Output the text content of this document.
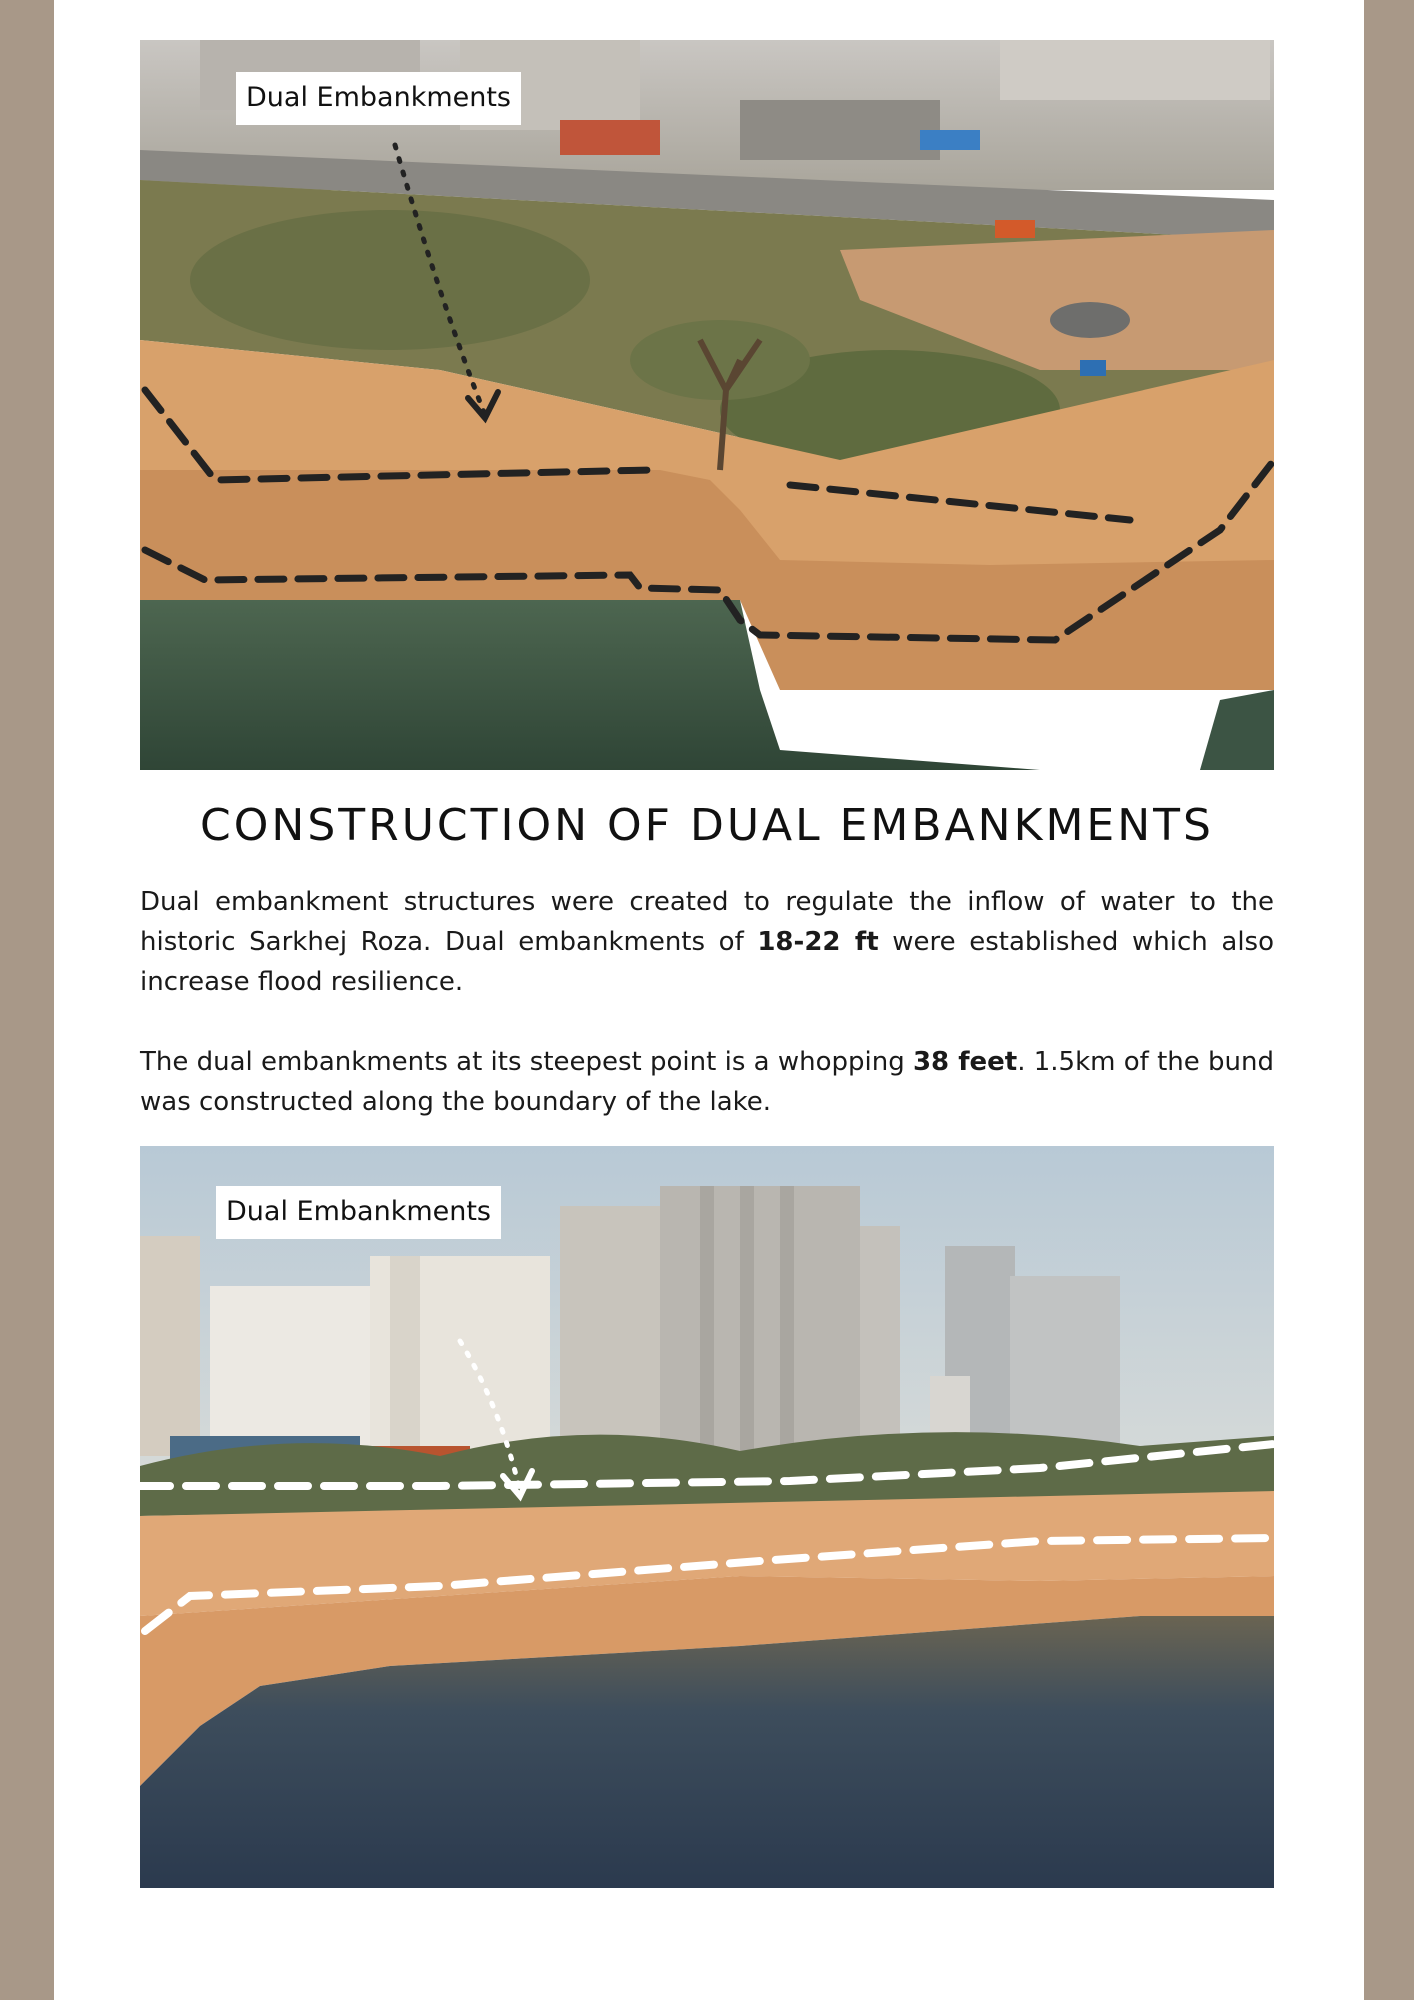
Dual Embankments
CONSTRUCTION OF DUAL EMBANKMENTS

Dual embankment structures were created to regulate the inflow of water to the historic Sarkhej Roza. Dual embankments of 18-22 ft were established which also increase flood resilience.

The dual embankments at its steepest point is a whopping 38 feet. 1.5km of the bund was constructed along the boundary of the lake.

Dual Embankments
